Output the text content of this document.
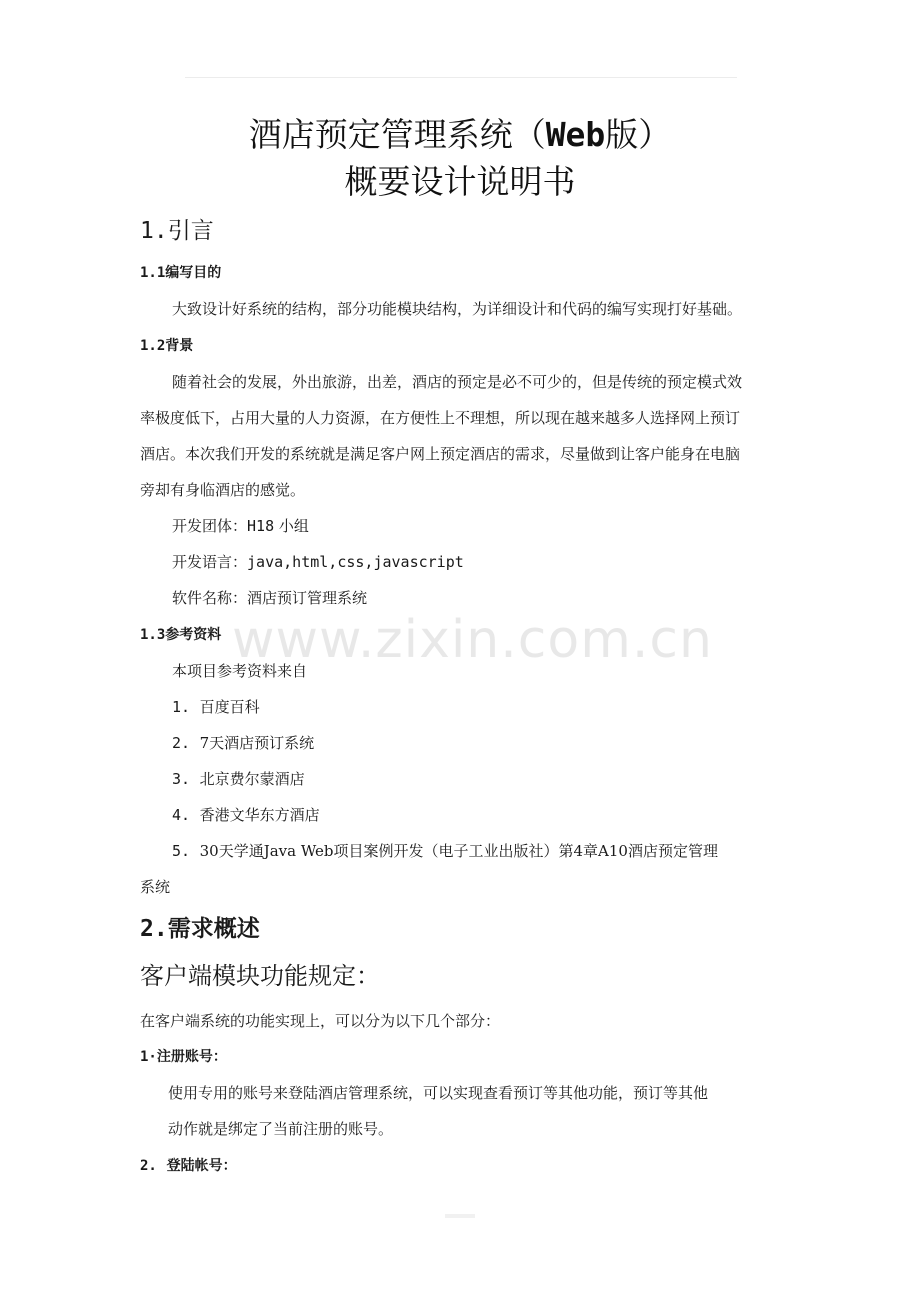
酒店预定管理系统（Web版）
概要设计说明书
1.引言
1.1编写目的
大致设计好系统的结构，部分功能模块结构，为详细设计和代码的编写实现打好基础。
1.2背景
随着社会的发展，外出旅游，出差，酒店的预定是必不可少的，但是传统的预定模式效
率极度低下，占用大量的人力资源，在方便性上不理想，所以现在越来越多人选择网上预订
酒店。本次我们开发的系统就是满足客户网上预定酒店的需求，尽量做到让客户能身在电脑
旁却有身临酒店的感觉。
开发团体：H18 小组
开发语言：java,html,css,javascript
软件名称：酒店预订管理系统
1.3参考资料
本项目参考资料来自
1. 百度百科
2. 7天酒店预订系统
3. 北京费尔蒙酒店
4. 香港文华东方酒店
5. 30天学通Java Web项目案例开发（电子工业出版社）第4章A10酒店预定管理
系统
2.需求概述
客户端模块功能规定：
在客户端系统的功能实现上，可以分为以下几个部分：
1·注册账号：
使用专用的账号来登陆酒店管理系统，可以实现查看预订等其他功能，预订等其他
动作就是绑定了当前注册的账号。
2. 登陆帐号：
www.zixin.com.cn
